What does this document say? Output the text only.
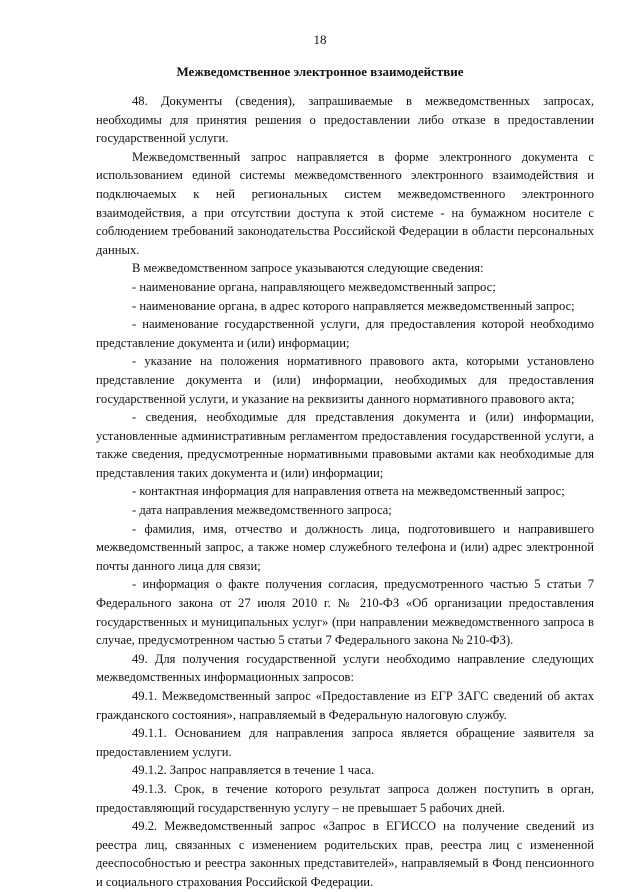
18
Межведомственное электронное взаимодействие

48. Документы (сведения), запрашиваемые в межведомственных запросах, необходимы для принятия решения о предоставлении либо отказе в предоставлении государственной услуги.

Межведомственный запрос направляется в форме электронного документа с использованием единой системы межведомственного электронного взаимодействия и подключаемых к ней региональных систем межведомственного электронного взаимодействия, а при отсутствии доступа к этой системе - на бумажном носителе с соблюдением требований законодательства Российской Федерации в области персональных данных.

В межведомственном запросе указываются следующие сведения:

- наименование органа, направляющего межведомственный запрос;

- наименование органа, в адрес которого направляется межведомственный запрос;

- наименование государственной услуги, для предоставления которой необходимо представление документа и (или) информации;

- указание на положения нормативного правового акта, которыми установлено представление документа и (или) информации, необходимых для предоставления государственной услуги, и указание на реквизиты данного нормативного правового акта;

- сведения, необходимые для представления документа и (или) информации, установленные административным регламентом предоставления государственной услуги, а также сведения, предусмотренные нормативными правовыми актами как необходимые для представления таких документа и (или) информации;

- контактная информация для направления ответа на межведомственный запрос;

- дата направления межведомственного запроса;

- фамилия, имя, отчество и должность лица, подготовившего и направившего межведомственный запрос, а также номер служебного телефона и (или) адрес электронной почты данного лица для связи;

- информация о факте получения согласия, предусмотренного частью 5 статьи 7 Федерального закона от 27 июля 2010 г. № 210-ФЗ «Об организации предоставления государственных и муниципальных услуг» (при направлении межведомственного запроса в случае, предусмотренном частью 5 статьи 7 Федерального закона № 210-ФЗ).

49. Для получения государственной услуги необходимо направление следующих межведомственных информационных запросов:

49.1. Межведомственный запрос «Предоставление из ЕГР ЗАГС сведений об актах гражданского состояния», направляемый в Федеральную налоговую службу.

49.1.1. Основанием для направления запроса является обращение заявителя за предоставлением услуги.

49.1.2. Запрос направляется в течение 1 часа.

49.1.3. Срок, в течение которого результат запроса должен поступить в орган, предоставляющий государственную услугу – не превышает 5 рабочих дней.

49.2. Межведомственный запрос «Запрос в ЕГИССО на получение сведений из реестра лиц, связанных с изменением родительских прав, реестра лиц с измененной дееспособностью и реестра законных представителей», направляемый в Фонд пенсионного и социального страхования Российской Федерации.
